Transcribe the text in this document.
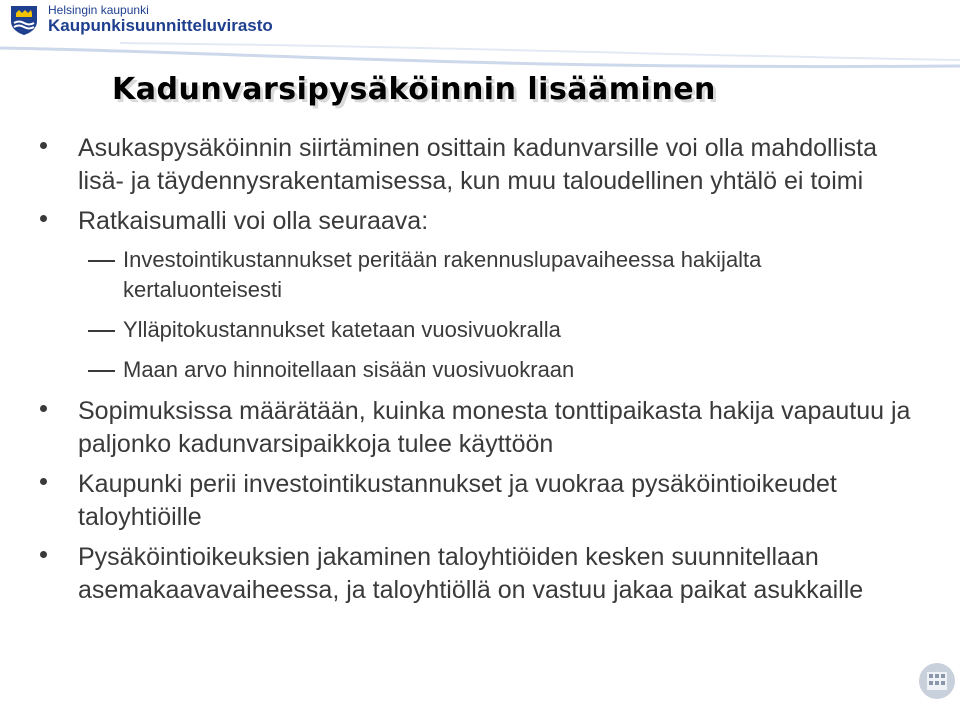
Helsingin kaupunki
Kaupunkisuunnitteluvirasto
Kadunvarsipysäköinnin lisääminen
Asukaspysäköinnin siirtäminen osittain kadunvarsille voi olla mahdollista lisä- ja täydennysrakentamisessa, kun muu taloudellinen yhtälö ei toimi
Ratkaisumalli voi olla seuraava:
Investointikustannukset peritään rakennuslupavaiheessa hakijalta kertaluonteisesti
Ylläpitokustannukset katetaan vuosivuokralla
Maan arvo hinnoitellaan sisään vuosivuokraan
Sopimuksissa määrätään, kuinka monesta tonttipaikasta hakija vapautuu ja paljonko kadunvarsipaikkoja tulee käyttöön
Kaupunki perii investointikustannukset ja vuokraa pysäköintioikeudet taloyhtiöille
Pysäköintioikeuksien jakaminen taloyhtiöiden kesken suunnitellaan asemakaavavaiheessa, ja taloyhtiöllä on vastuu jakaa paikat asukkaille
